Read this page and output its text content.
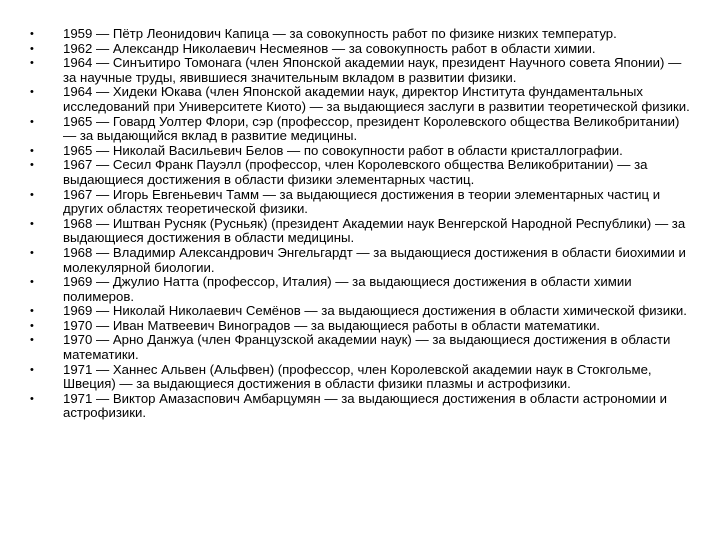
•	1959 — Пётр Леонидович Капица — за совокупность работ по физике низких температур.
•	1962 — Александр Николаевич Несмеянов — за совокупность работ в области химии.
•	1964 — Синъитиро Томонага (член Японской академии наук, президент Научного совета Японии) — за научные труды, явившиеся значительным вкладом в развитии физики.
•	1964 — Хидеки Юкава (член Японской академии наук, директор Института фундаментальных исследований при Университете Киото) — за выдающиеся заслуги в развитии теоретической физики.
•	1965 — Говард Уолтер Флори, сэр (профессор, президент Королевского общества Великобритании) — за выдающийся вклад в развитие медицины.
•	1965 — Николай Васильевич Белов — по совокупности работ в области кристаллографии.
•	1967 — Сесил Франк Пауэлл (профессор, член Королевского общества Великобритании) — за выдающиеся достижения в области физики элементарных частиц.
•	1967 — Игорь Евгеньевич Тамм — за выдающиеся достижения в теории элементарных частиц и других областях теоретической физики.
•	1968 — Иштван Русняк (Русньяк) (президент Академии наук Венгерской Народной Республики) — за выдающиеся достижения в области медицины.
•	1968 — Владимир Александрович Энгельгардт — за выдающиеся достижения в области биохимии и молекулярной биологии.
•	1969 — Джулио Натта (профессор, Италия) — за выдающиеся достижения в области химии полимеров.
•	1969 — Николай Николаевич Семёнов — за выдающиеся достижения в области химической физики.
•	1970 — Иван Матвеевич Виноградов — за выдающиеся работы в области математики.
•	1970 — Арно Данжуа (член Французской академии наук) — за выдающиеся достижения в области математики.
•	1971 — Ханнес Альвен (Альфвен) (профессор, член Королевской академии наук в Стокгольме, Швеция) — за выдающиеся достижения в области физики плазмы и астрофизики.
•	1971 — Виктор Амазаспович Амбарцумян — за выдающиеся достижения в области астрономии и астрофизики.
